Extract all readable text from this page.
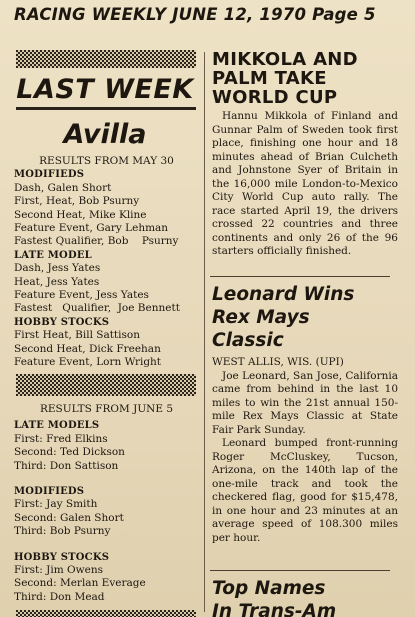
RACING WEEKLY JUNE 12, 1970 Page 5
LAST WEEK
Avilla
RESULTS FROM MAY 30
MODIFIEDS
Dash, Galen Short
First, Heat, Bob Psurny
Second Heat, Mike Kline
Feature Event, Gary Lehman
Fastest Qualifier, Bob    Psurny
LATE MODEL
Dash, Jess Yates
Heat, Jess Yates
Feature Event, Jess Yates
Fastest   Qualifier,  Joe Bennett
HOBBY STOCKS
First Heat, Bill Sattison
Second Heat, Dick Freehan
Feature Event, Lorn Wright
RESULTS FROM JUNE 5
LATE MODELS
First: Fred Elkins
Second: Ted Dickson
Third: Don Sattison
MODIFIEDS
First: Jay Smith
Second: Galen Short
Third: Bob Psurny
HOBBY STOCKS
First: Jim Owens
Second: Merlan Everage
Third: Don Mead
MIKKOLA AND
PALM TAKE
WORLD CUP

Hannu Mikkola of Finland and Gunnar Palm of Sweden took first place, finishing one hour and 18 minutes ahead of Brian Culcheth and Johnstone Syer of Britain in the 16,000 mile London-to-Mexico City World Cup auto rally. The race started April 19, the drivers crossed 22 countries and three continents and only 26 of the 96 starters officially finished.

Leonard Wins
Rex Mays
Classic

WEST ALLIS, WIS. (UPI)

Joe Leonard, San Jose, California came from behind in the last 10 miles to win the 21st annual 150-mile Rex Mays Classic at State Fair Park Sunday.

Leonard bumped front-running Roger McCluskey, Tucson, Arizona, on the 140th lap of the one-mile track and took the checkered flag, good for $15,478, in one hour and 23 minutes at an average speed of 108.300 miles per hour.

Top Names
In Trans-Am
